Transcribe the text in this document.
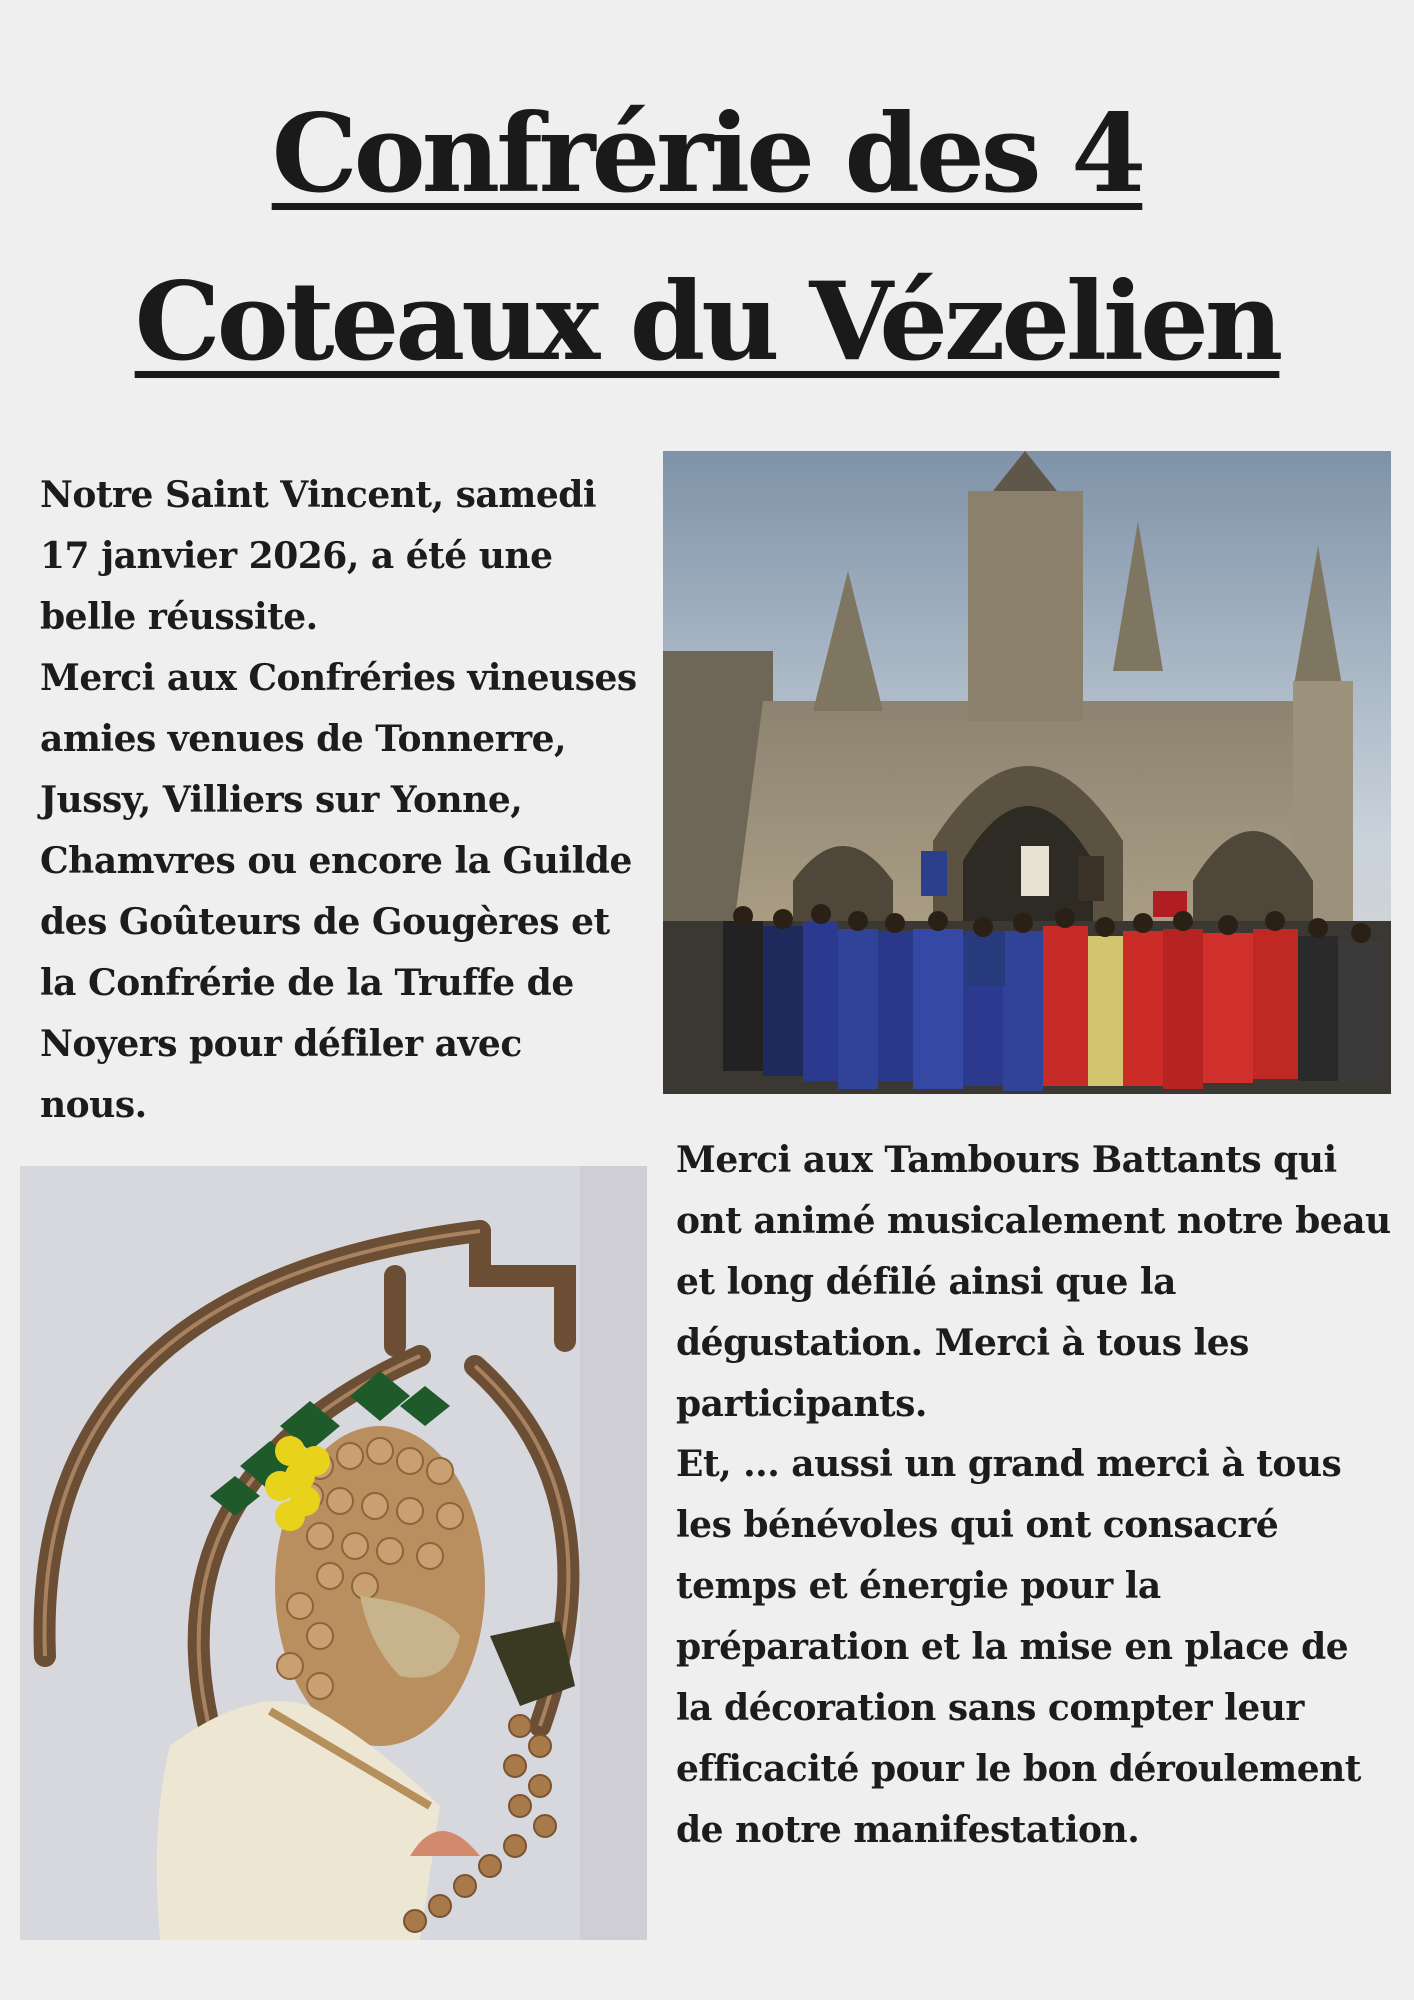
Confrérie des 4
Coteaux du Vézelien

Notre Saint Vincent, samedi 17 janvier 2026, a été une belle réussite.
Merci aux Confréries vineuses amies venues de Tonnerre, Jussy, Villiers sur Yonne, Chamvres ou encore la Guilde des Goûteurs de Gougères et la Confrérie de la Truffe de Noyers pour défiler avec nous.

Merci aux Tambours Battants qui ont animé musicalement notre beau et long défilé ainsi que la dégustation. Merci à tous les participants.

Et, ... aussi un grand merci à tous les bénévoles qui ont consacré temps et énergie pour la préparation et la mise en place de la décoration sans compter leur efficacité pour le bon déroulement de notre manifestation.
